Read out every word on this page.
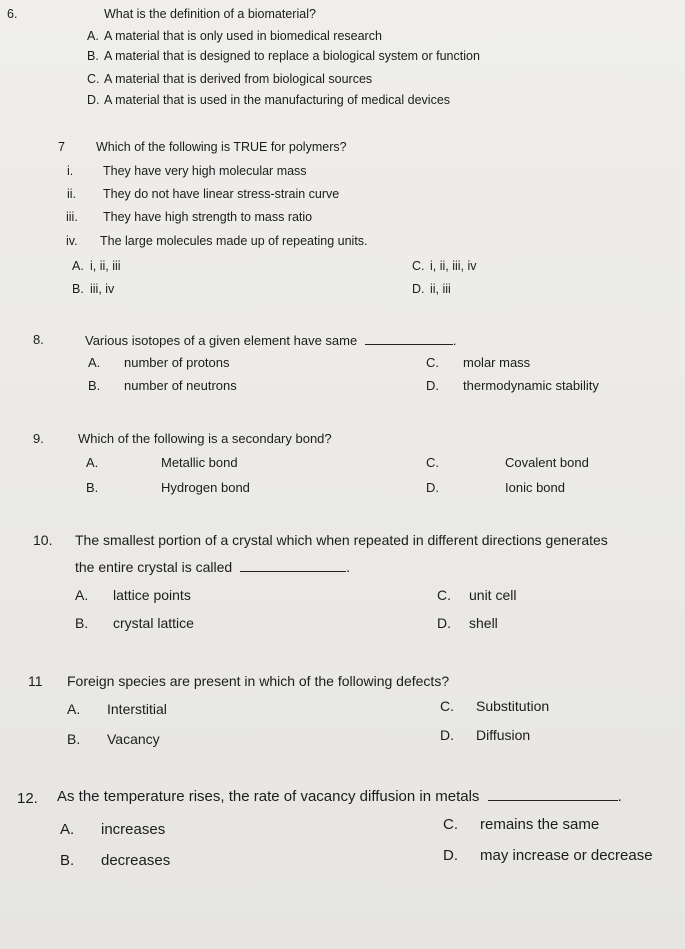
6.	What is the definition of a biomaterial?
A. A material that is only used in biomedical research
B. A material that is designed to replace a biological system or function
C. A material that is derived from biological sources
D. A material that is used in the manufacturing of medical devices
7 Which of the following is TRUE for polymers?
i. They have very high molecular mass
ii. They do not have linear stress-strain curve
iii. They have high strength to mass ratio
iv. The large molecules made up of repeating units.
A. i, ii, iii	C. i, ii, iii, iv
B. iii, iv	D. ii, iii
8.	Various isotopes of a given element have same	.
A. number of protons	C. molar mass
B. number of neutrons	D. thermodynamic stability
9.	Which of the following is a secondary bond?
A.	Metallic bond	C.	Covalent bond
B.	Hydrogen bond	D.	Ionic bond
10. The smallest portion of a crystal which when repeated in different directions generates
the entire crystal is called	.
A. lattice points	C. unit cell
B. crystal lattice	D. shell
11 Foreign species are present in which of the following defects?
A. Interstitial	C. Substitution
B. Vacancy	D. Diffusion
12. As the temperature rises, the rate of vacancy diffusion in metals	.
A. increases	C. remains the same
B. decreases	D. may increase or decrease
